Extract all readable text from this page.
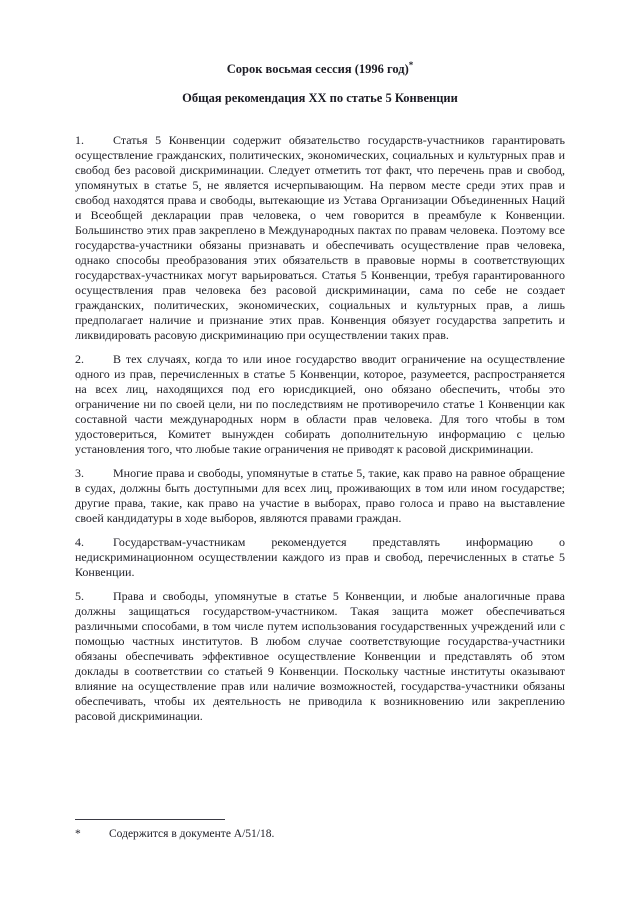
Сорок восьмая сессия (1996 год)*
Общая рекомендация XX по статье 5 Конвенции

1. Статья 5 Конвенции содержит обязательство государств-участников гарантировать осуществление гражданских, политических, экономических, социальных и культурных прав и свобод без расовой дискриминации. Следует отметить тот факт, что перечень прав и свобод, упомянутых в статье 5, не является исчерпывающим. На первом месте среди этих прав и свобод находятся права и свободы, вытекающие из Устава Организации Объединенных Наций и Всеобщей декларации прав человека, о чем говорится в преамбуле к Конвенции. Большинство этих прав закреплено в Международных пактах по правам человека. Поэтому все государства-участники обязаны признавать и обеспечивать осуществление прав человека, однако способы преобразования этих обязательств в правовые нормы в соответствующих государствах-участниках могут варьироваться. Статья 5 Конвенции, требуя гарантированного осуществления прав человека без расовой дискриминации, сама по себе не создает гражданских, политических, экономических, социальных и культурных прав, а лишь предполагает наличие и признание этих прав. Конвенция обязует государства запретить и ликвидировать расовую дискриминацию при осуществлении таких прав.

2. В тех случаях, когда то или иное государство вводит ограничение на осуществление одного из прав, перечисленных в статье 5 Конвенции, которое, разумеется, распространяется на всех лиц, находящихся под его юрисдикцией, оно обязано обеспечить, чтобы это ограничение ни по своей цели, ни по последствиям не противоречило статье 1 Конвенции как составной части международных норм в области прав человека. Для того чтобы в том удостовериться, Комитет вынужден собирать дополнительную информацию с целью установления того, что любые такие ограничения не приводят к расовой дискриминации.

3. Многие права и свободы, упомянутые в статье 5, такие, как право на равное обращение в судах, должны быть доступными для всех лиц, проживающих в том или ином государстве; другие права, такие, как право на участие в выборах, право голоса и право на выставление своей кандидатуры в ходе выборов, являются правами граждан.

4. Государствам-участникам рекомендуется представлять информацию о недискриминационном осуществлении каждого из прав и свобод, перечисленных в статье 5 Конвенции.

5. Права и свободы, упомянутые в статье 5 Конвенции, и любые аналогичные права должны защищаться государством-участником. Такая защита может обеспечиваться различными способами, в том числе путем использования государственных учреждений или с помощью частных институтов. В любом случае соответствующие государства-участники обязаны обеспечивать эффективное осуществление Конвенции и представлять об этом доклады в соответствии со статьей 9 Конвенции. Поскольку частные институты оказывают влияние на осуществление прав или наличие возможностей, государства-участники обязаны обеспечивать, чтобы их деятельность не приводила к возникновению или закреплению расовой дискриминации.

* Содержится в документе A/51/18.
